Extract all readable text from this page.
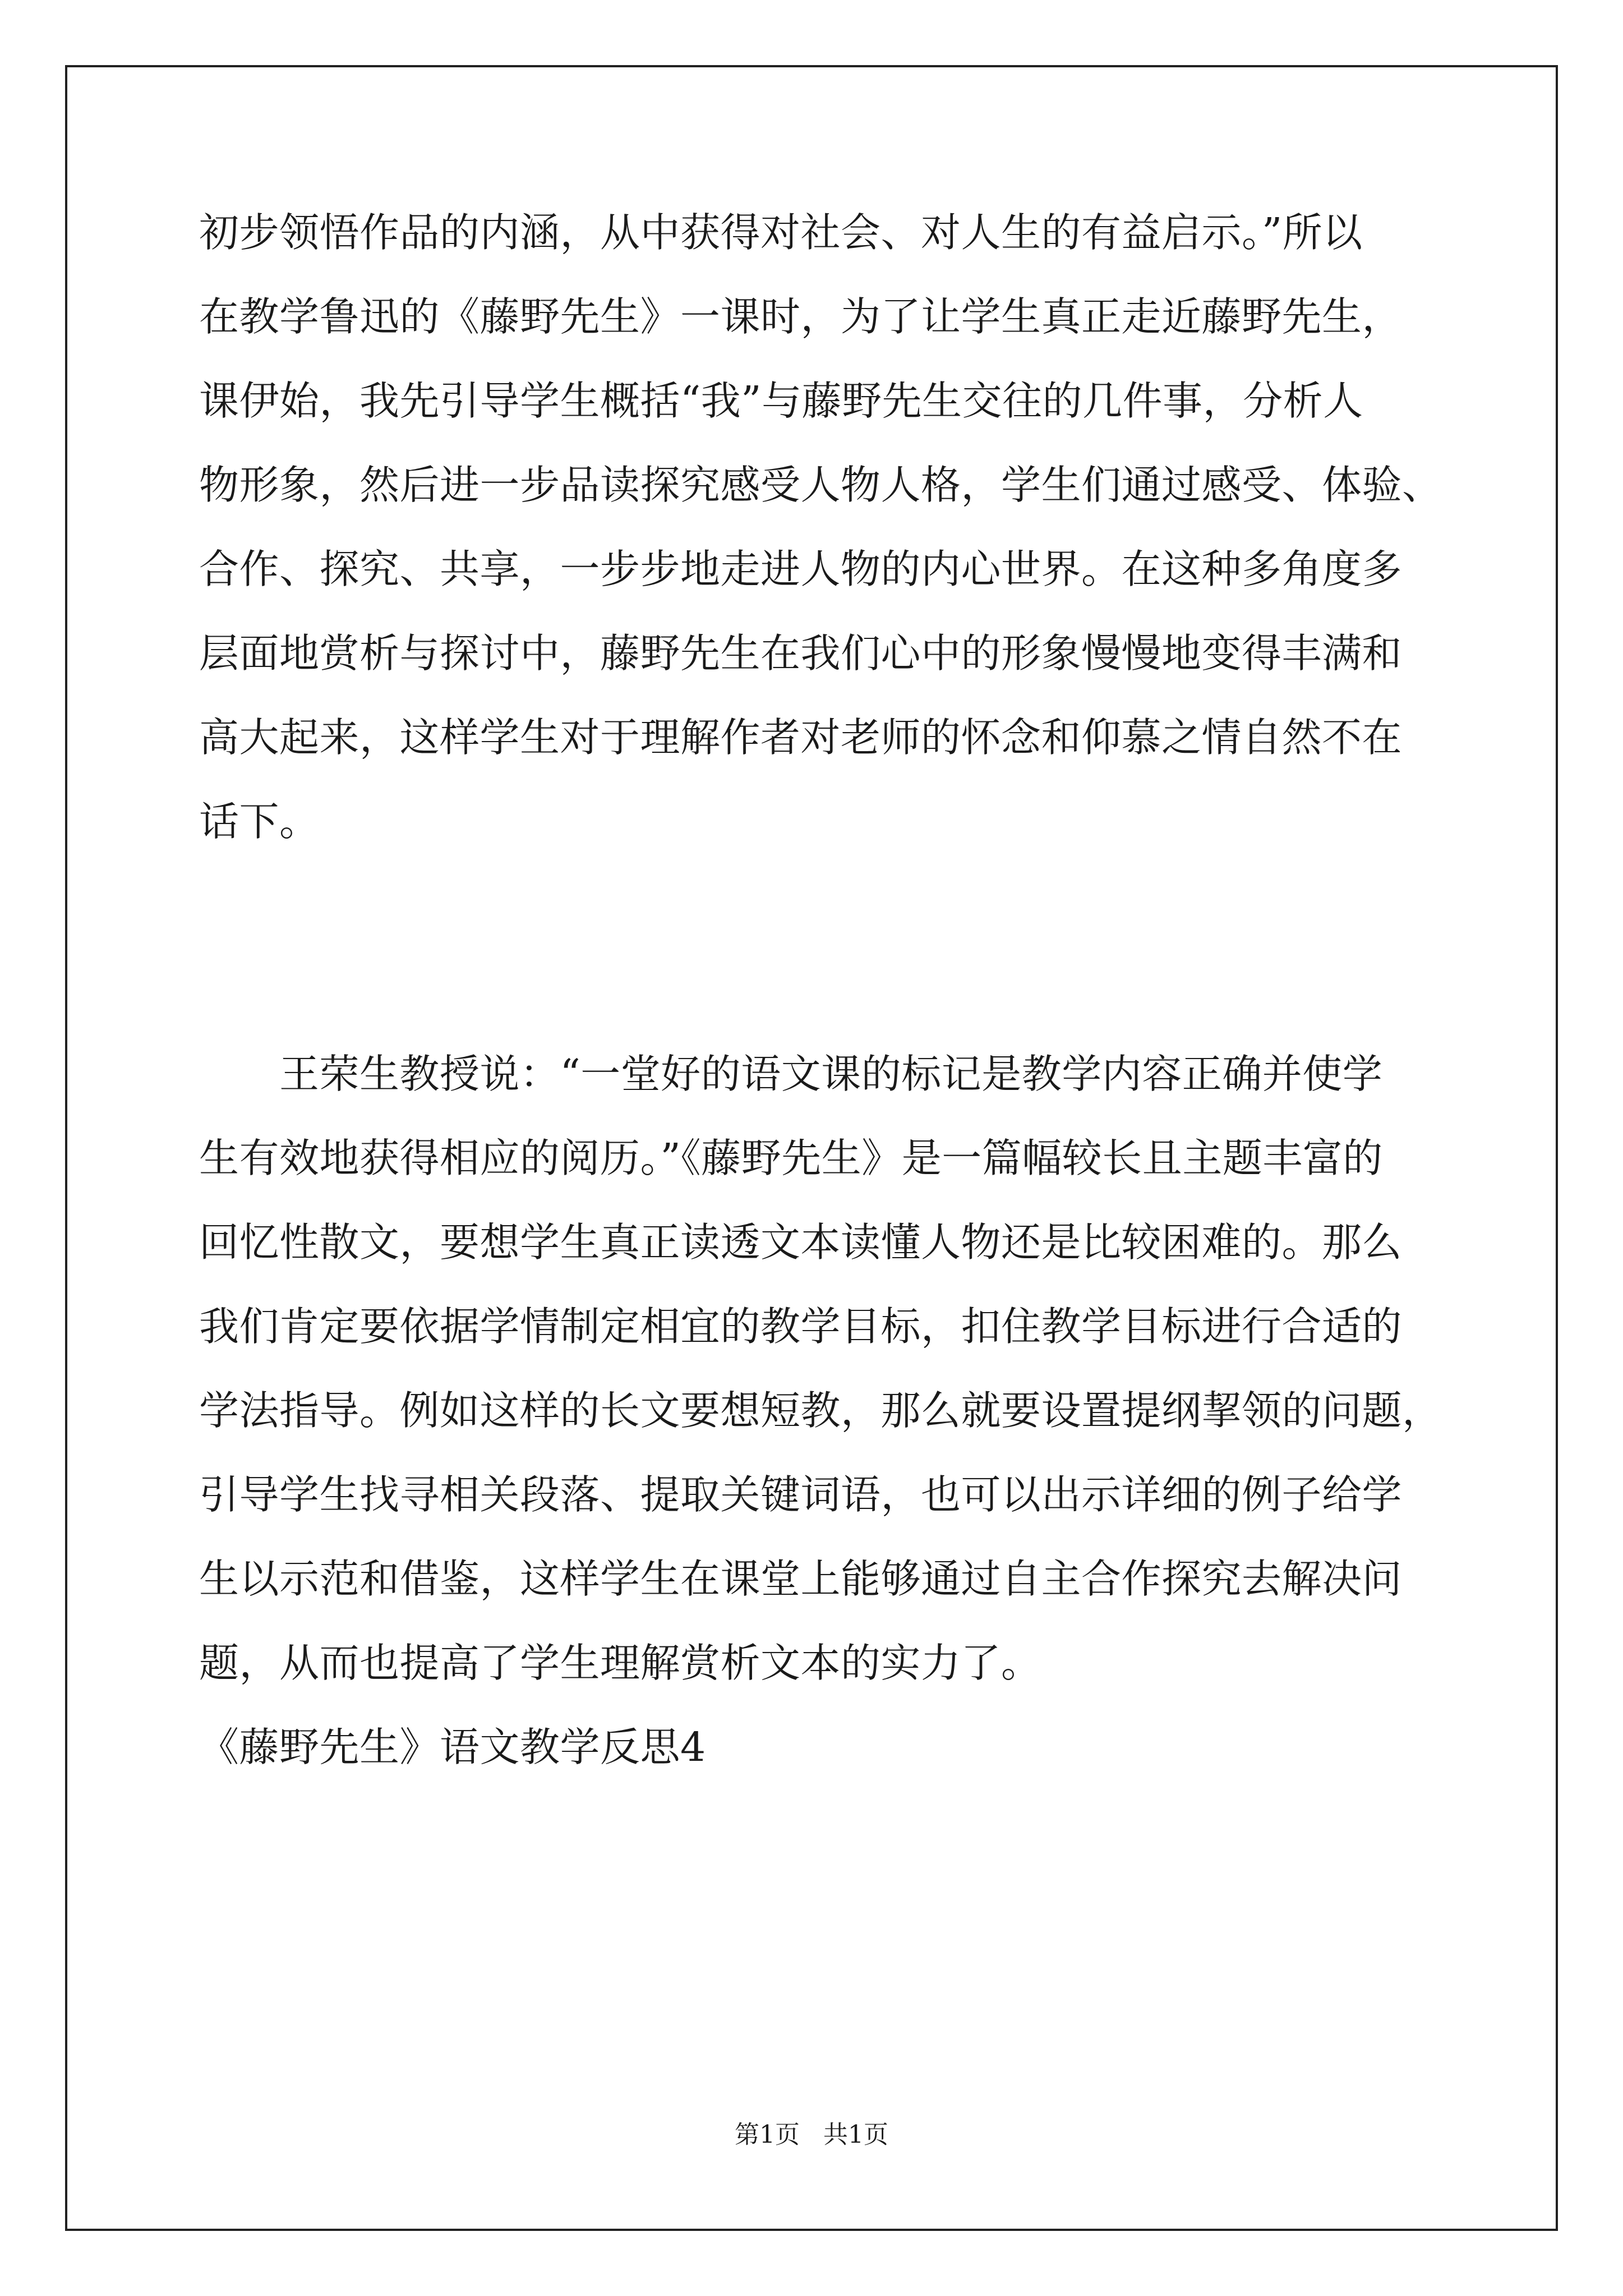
初步领悟作品的内涵，从中获得对社会、对人生的有益启示。”所以
在教学鲁迅的《藤野先生》一课时，为了让学生真正走近藤野先生，
课伊始，我先引导学生概括“我”与藤野先生交往的几件事，分析人
物形象，然后进一步品读探究感受人物人格，学生们通过感受、体验、
合作、探究、共享，一步步地走进人物的内心世界。在这种多角度多
层面地赏析与探讨中，藤野先生在我们心中的形象慢慢地变得丰满和
高大起来，这样学生对于理解作者对老师的怀念和仰慕之情自然不在
话下。
王荣生教授说：“一堂好的语文课的标记是教学内容正确并使学
生有效地获得相应的阅历。”《藤野先生》是一篇幅较长且主题丰富的
回忆性散文，要想学生真正读透文本读懂人物还是比较困难的。那么
我们肯定要依据学情制定相宜的教学目标，扣住教学目标进行合适的
学法指导。例如这样的长文要想短教，那么就要设置提纲挈领的问题，
引导学生找寻相关段落、提取关键词语，也可以出示详细的例子给学
生以示范和借鉴，这样学生在课堂上能够通过自主合作探究去解决问
题，从而也提高了学生理解赏析文本的实力了。
《藤野先生》语文教学反思4
第1页   共1页
